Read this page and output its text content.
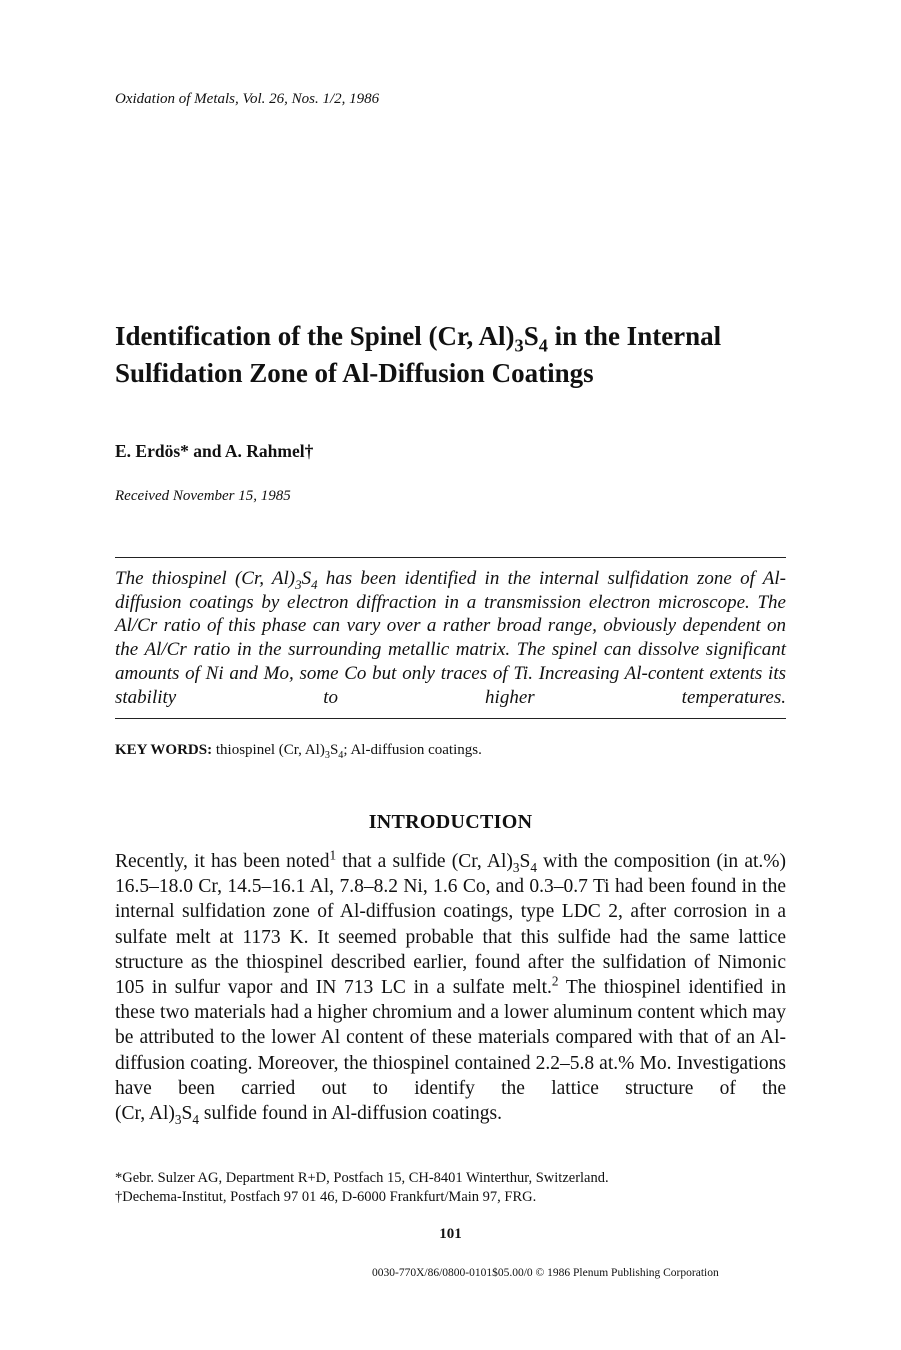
Oxidation of Metals, Vol. 26, Nos. 1/2, 1986
Identification of the Spinel (Cr, $Al)_3S_4$ in the Internal
Sulfidation Zone of Al-Diffusion Coatings
E. Erdös* and A. Rahmel†
Received November 15, 1985

The thiospinel (Cr, $Al)_3S_4$ has been identified in the internal sulfidation zone of Al-diffusion coatings by electron diffraction in a transmission electron microscope. The Al/Cr ratio of this phase can vary over a rather broad range, obviously dependent on the Al/Cr ratio in the surrounding metallic matrix. The spinel can dissolve significant amounts of Ni and Mo, some Co but only traces of Ti. Increasing Al-content extents its stability to higher temperatures.

KEY WORDS: thiospinel (Cr, $Al)_3S_4$; Al-diffusion coatings.
INTRODUCTION

Recently, it has been noted$^1$ that a sulfide (Cr, $Al)_3S_4$ with the composition (in at.%) 16.5–18.0 Cr, 14.5–16.1 Al, 7.8–8.2 Ni, 1.6 Co, and 0.3–0.7 Ti had been found in the internal sulfidation zone of Al-diffusion coatings, type LDC 2, after corrosion in a sulfate melt at 1173 K. It seemed probable that this sulfide had the same lattice structure as the thiospinel described earlier, found after the sulfidation of Nimonic 105 in sulfur vapor and IN 713 LC in a sulfate melt.$^2$ The thiospinel identified in these two materials had a higher chromium and a lower aluminum content which may be attributed to the lower Al content of these materials compared with that of an Al-diffusion coating. Moreover, the thiospinel contained 2.2–5.8 at.% Mo. Investigations have been carried out to identify the lattice structure of the
(Cr, $Al)_3S_4$ sulfide found in Al-diffusion coatings.

*Gebr. Sulzer AG, Department R+D, Postfach 15, CH-8401 Winterthur, Switzerland.
†Dechema-Institut, Postfach 97 01 46, D-6000 Frankfurt/Main 97, FRG.
101
0030-770X/86/0800-0101$05.00/0 © 1986 Plenum Publishing Corporation
